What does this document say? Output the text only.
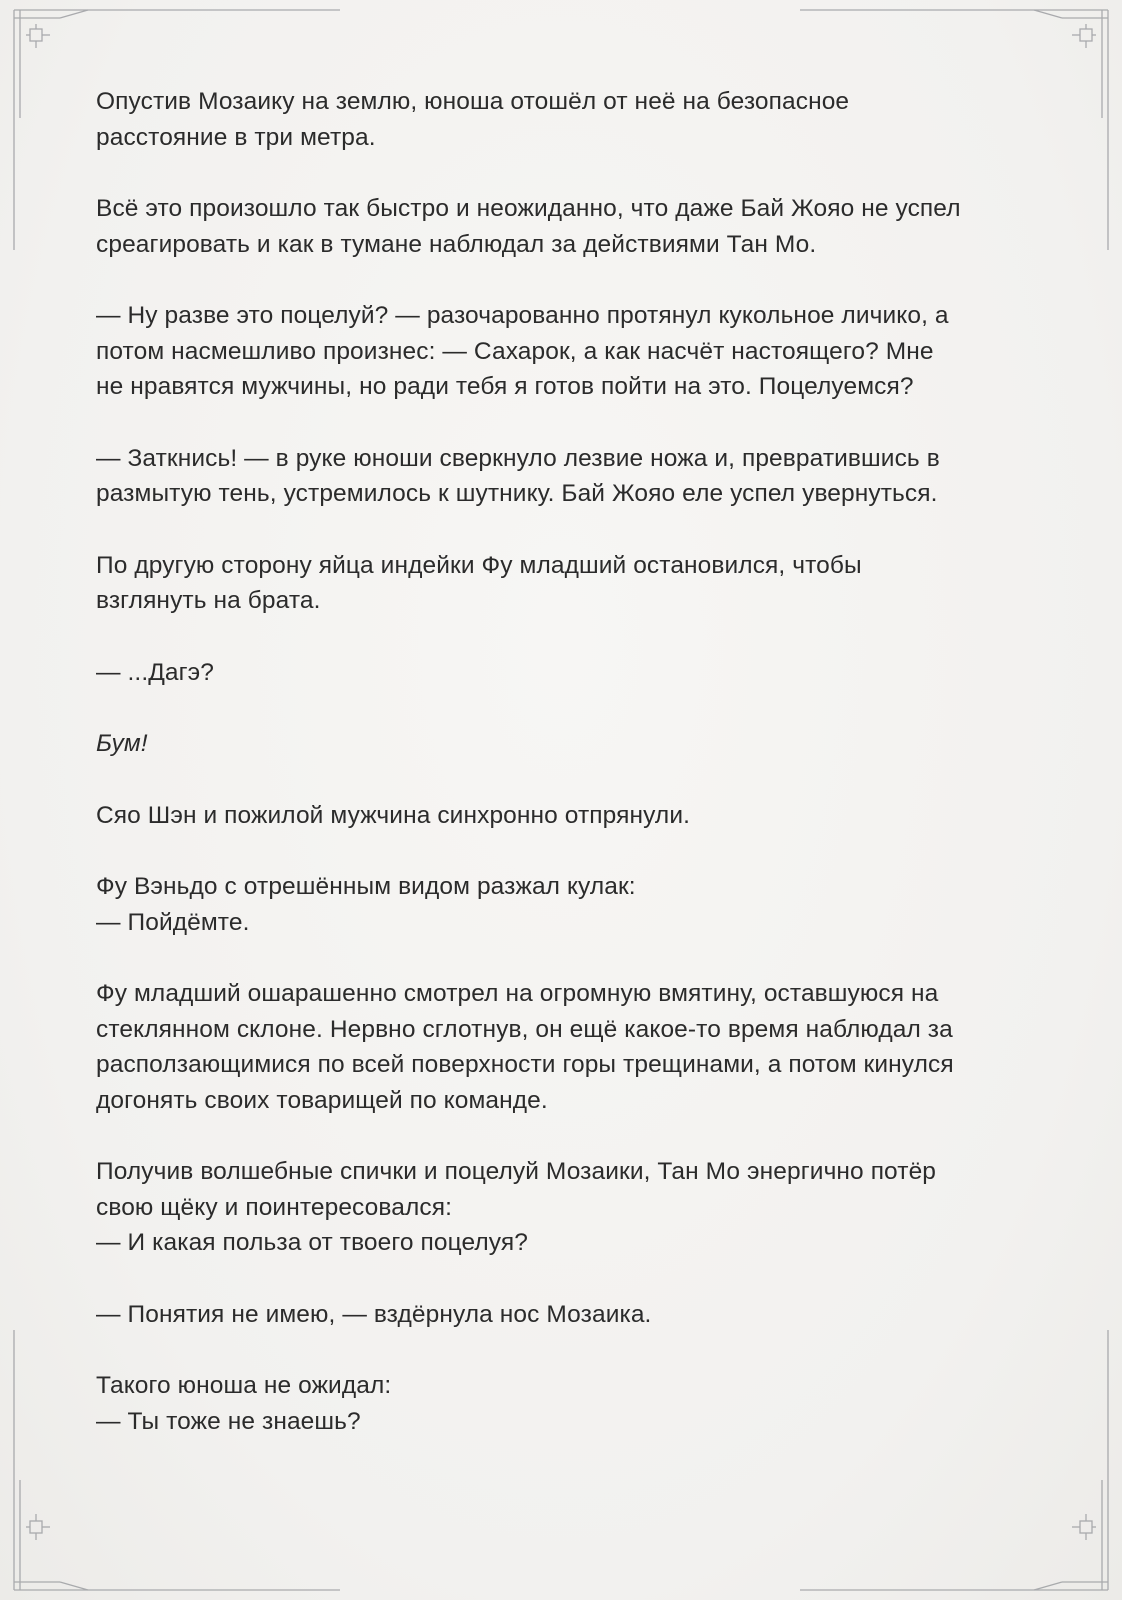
Опустив Мозаику на землю, юноша отошёл от неё на безопасное
расстояние в три метра.

Всё это произошло так быстро и неожиданно, что даже Бай Жояо не успел
среагировать и как в тумане наблюдал за действиями Тан Мо.

— Ну разве это поцелуй? — разочарованно протянул кукольное личико, а
потом насмешливо произнес: — Сахарок, а как насчёт настоящего? Мне
не нравятся мужчины, но ради тебя я готов пойти на это. Поцелуемся?

— Заткнись! — в руке юноши сверкнуло лезвие ножа и, превратившись в
размытую тень, устремилось к шутнику. Бай Жояо еле успел увернуться.

По другую сторону яйца индейки Фу младший остановился, чтобы
взглянуть на брата.

— ...Дагэ?

Бум!

Сяо Шэн и пожилой мужчина синхронно отпрянули.

Фу Вэньдо с отрешённым видом разжал кулак:
— Пойдёмте.

Фу младший ошарашенно смотрел на огромную вмятину, оставшуюся на
стеклянном склоне. Нервно сглотнув, он ещё какое-то время наблюдал за
расползающимися по всей поверхности горы трещинами, а потом кинулся
догонять своих товарищей по команде.

Получив волшебные спички и поцелуй Мозаики, Тан Мо энергично потёр
свою щёку и поинтересовался:
— И какая польза от твоего поцелуя?

— Понятия не имею, — вздёрнула нос Мозаика.

Такого юноша не ожидал:
— Ты тоже не знаешь?
